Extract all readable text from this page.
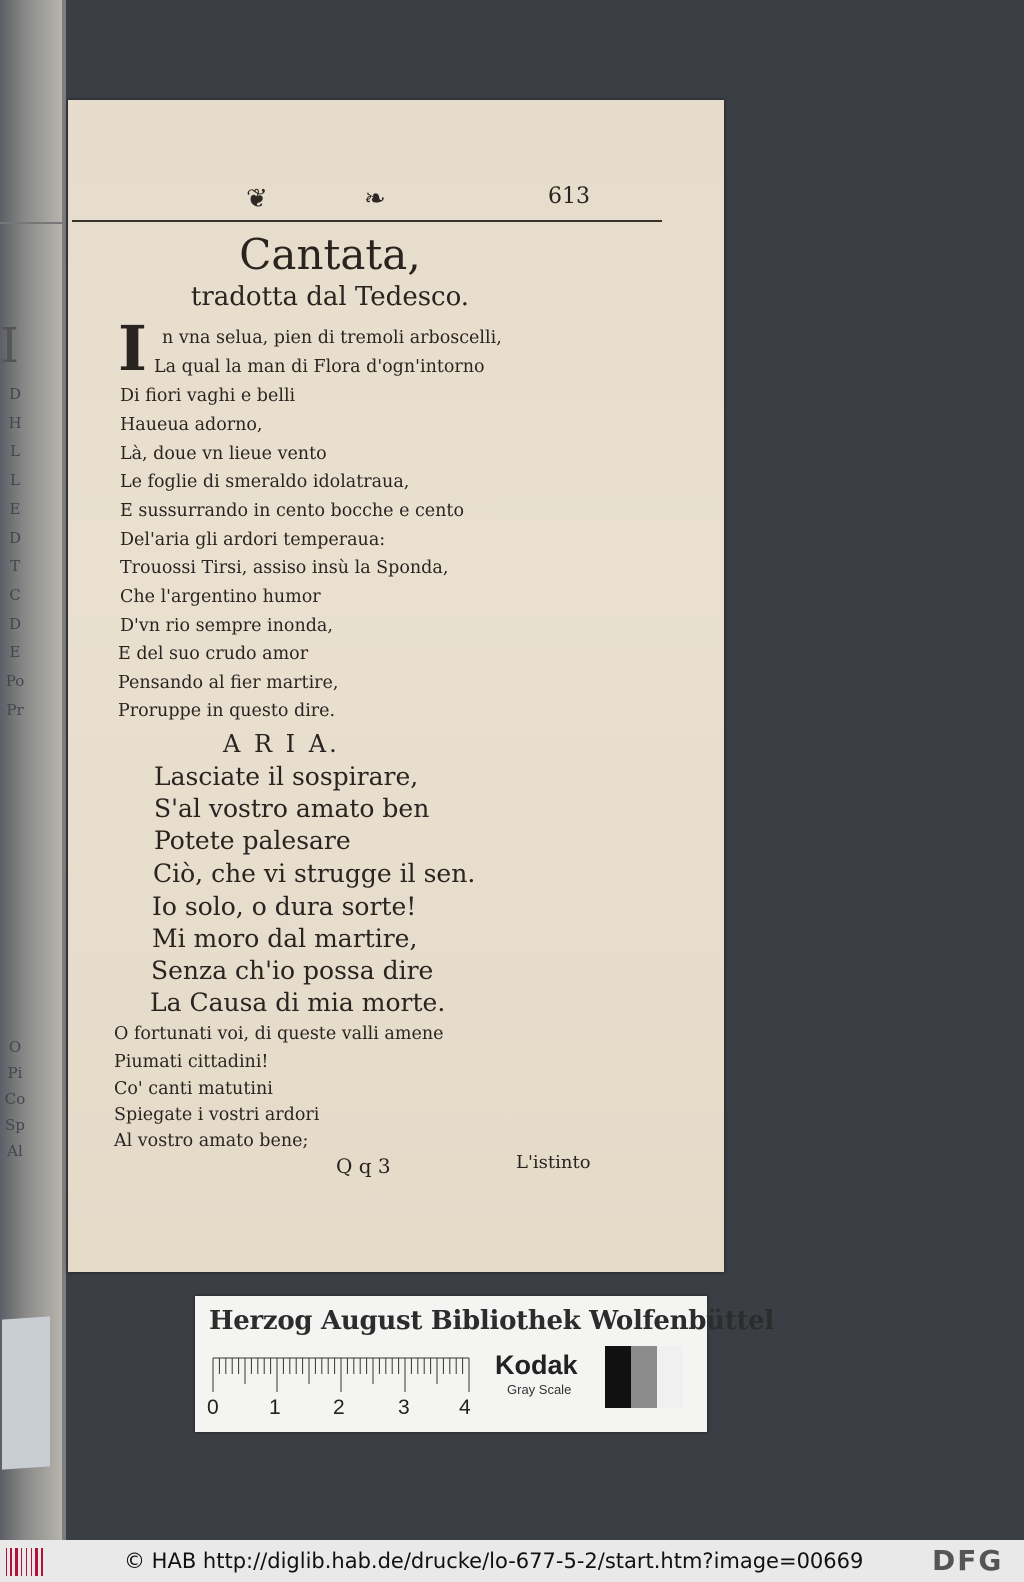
I
D
H
L
L
E
D
T
C
D
E
Po
Pr
O
Pi
Co
Sp
Al
❦	❧	613
Cantata,
tradotta dal Tedesco.
I n vna selua, pien di tremoli arboscelli,
La qual la man di Flora d'ogn'intorno
Di fiori vaghi e belli
Haueua adorno,
Là, doue vn lieue vento
Le foglie di smeraldo idolatraua,
E sussurrando in cento bocche e cento
Del'aria gli ardori temperaua:
Trouossi Tirsi, assiso insù la Sponda,
Che l'argentino humor
D'vn rio sempre inonda,
E del suo crudo amor
Pensando al fier martire,
Proruppe in questo dire.
A R I A.
Lasciate il sospirare,
S'al vostro amato ben
Potete palesare
Ciò, che vi strugge il sen.
Io solo, o dura sorte!
Mi moro dal martire,
Senza ch'io possa dire
La Causa di mia morte.
O fortunati voi, di queste valli amene
Piumati cittadini!
Co' canti matutini
Spiegate i vostri ardori
Al vostro amato bene;
Q q 3	L'istinto
Herzog August Bibliothek Wolfenbüttel
0 1 2	3 4
Kodak
Gray Scale
© HAB http://diglib.hab.de/drucke/lo-677-5-2/start.htm?image=00669 DFG
